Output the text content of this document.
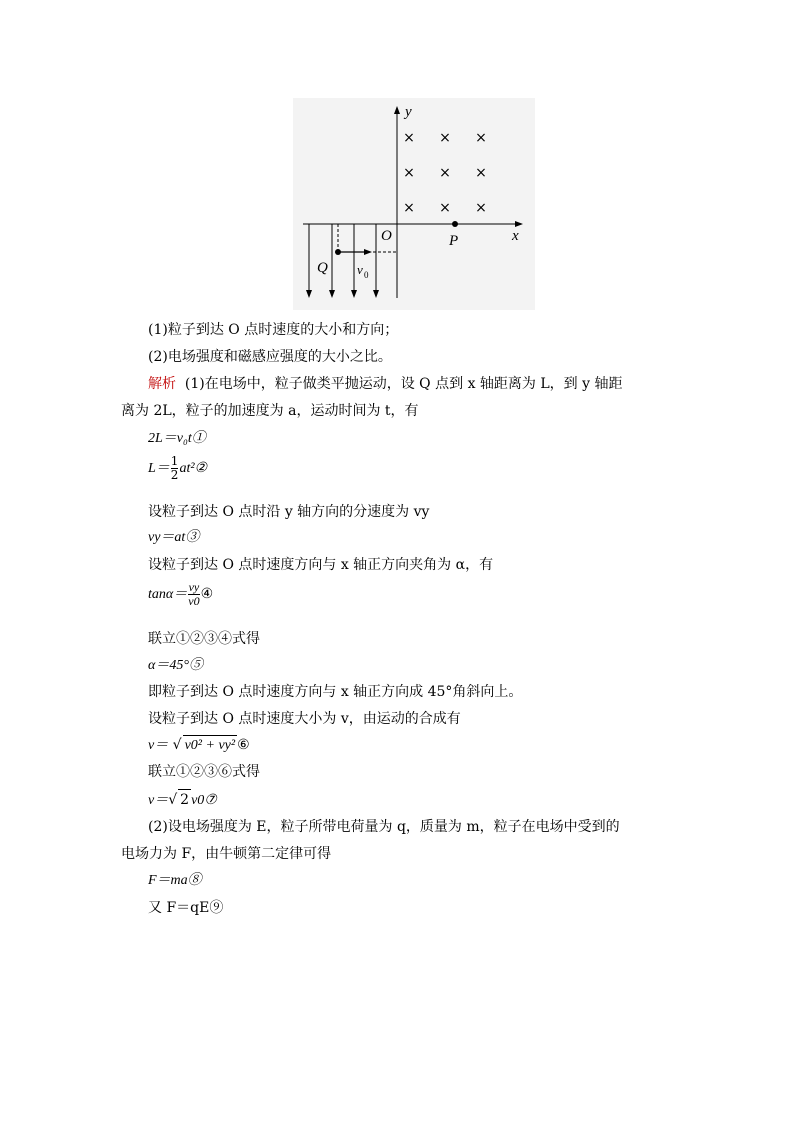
y
x
O
× × ×
× × ×
× × ×
P
Q v 0
(1)粒子到达 O 点时速度的大小和方向；
(2)电场强度和磁感应强度的大小之比。
解析 (1)在电场中，粒子做类平抛运动，设 Q 点到 x 轴距离为 L，到 y 轴距
离为 2L，粒子的加速度为 a，运动时间为 t，有
2L＝v₀t①
$L= \frac{1}{2}$ at²②
设粒子到达 O 点时沿 y 轴方向的分速度为 vy
vy＝at③
设粒子到达 O 点时速度方向与 x 轴正方向夹角为 α，有
$\tan\alpha= \frac{vy}{v0}$ ④
联立①②③④式得
α＝45°⑤
即粒子到达 O 点时速度方向与 x 轴正方向成 45°角斜向上。
设粒子到达 O 点时速度大小为 v，由运动的合成有
v＝ √ v0² + vy² ⑥
联立①②③⑥式得
v＝√ 2 v0⑦
(2)设电场强度为 E，粒子所带电荷量为 q，质量为 m，粒子在电场中受到的
电场力为 F，由牛顿第二定律可得
F＝ma⑧
又 F＝qE⑨
